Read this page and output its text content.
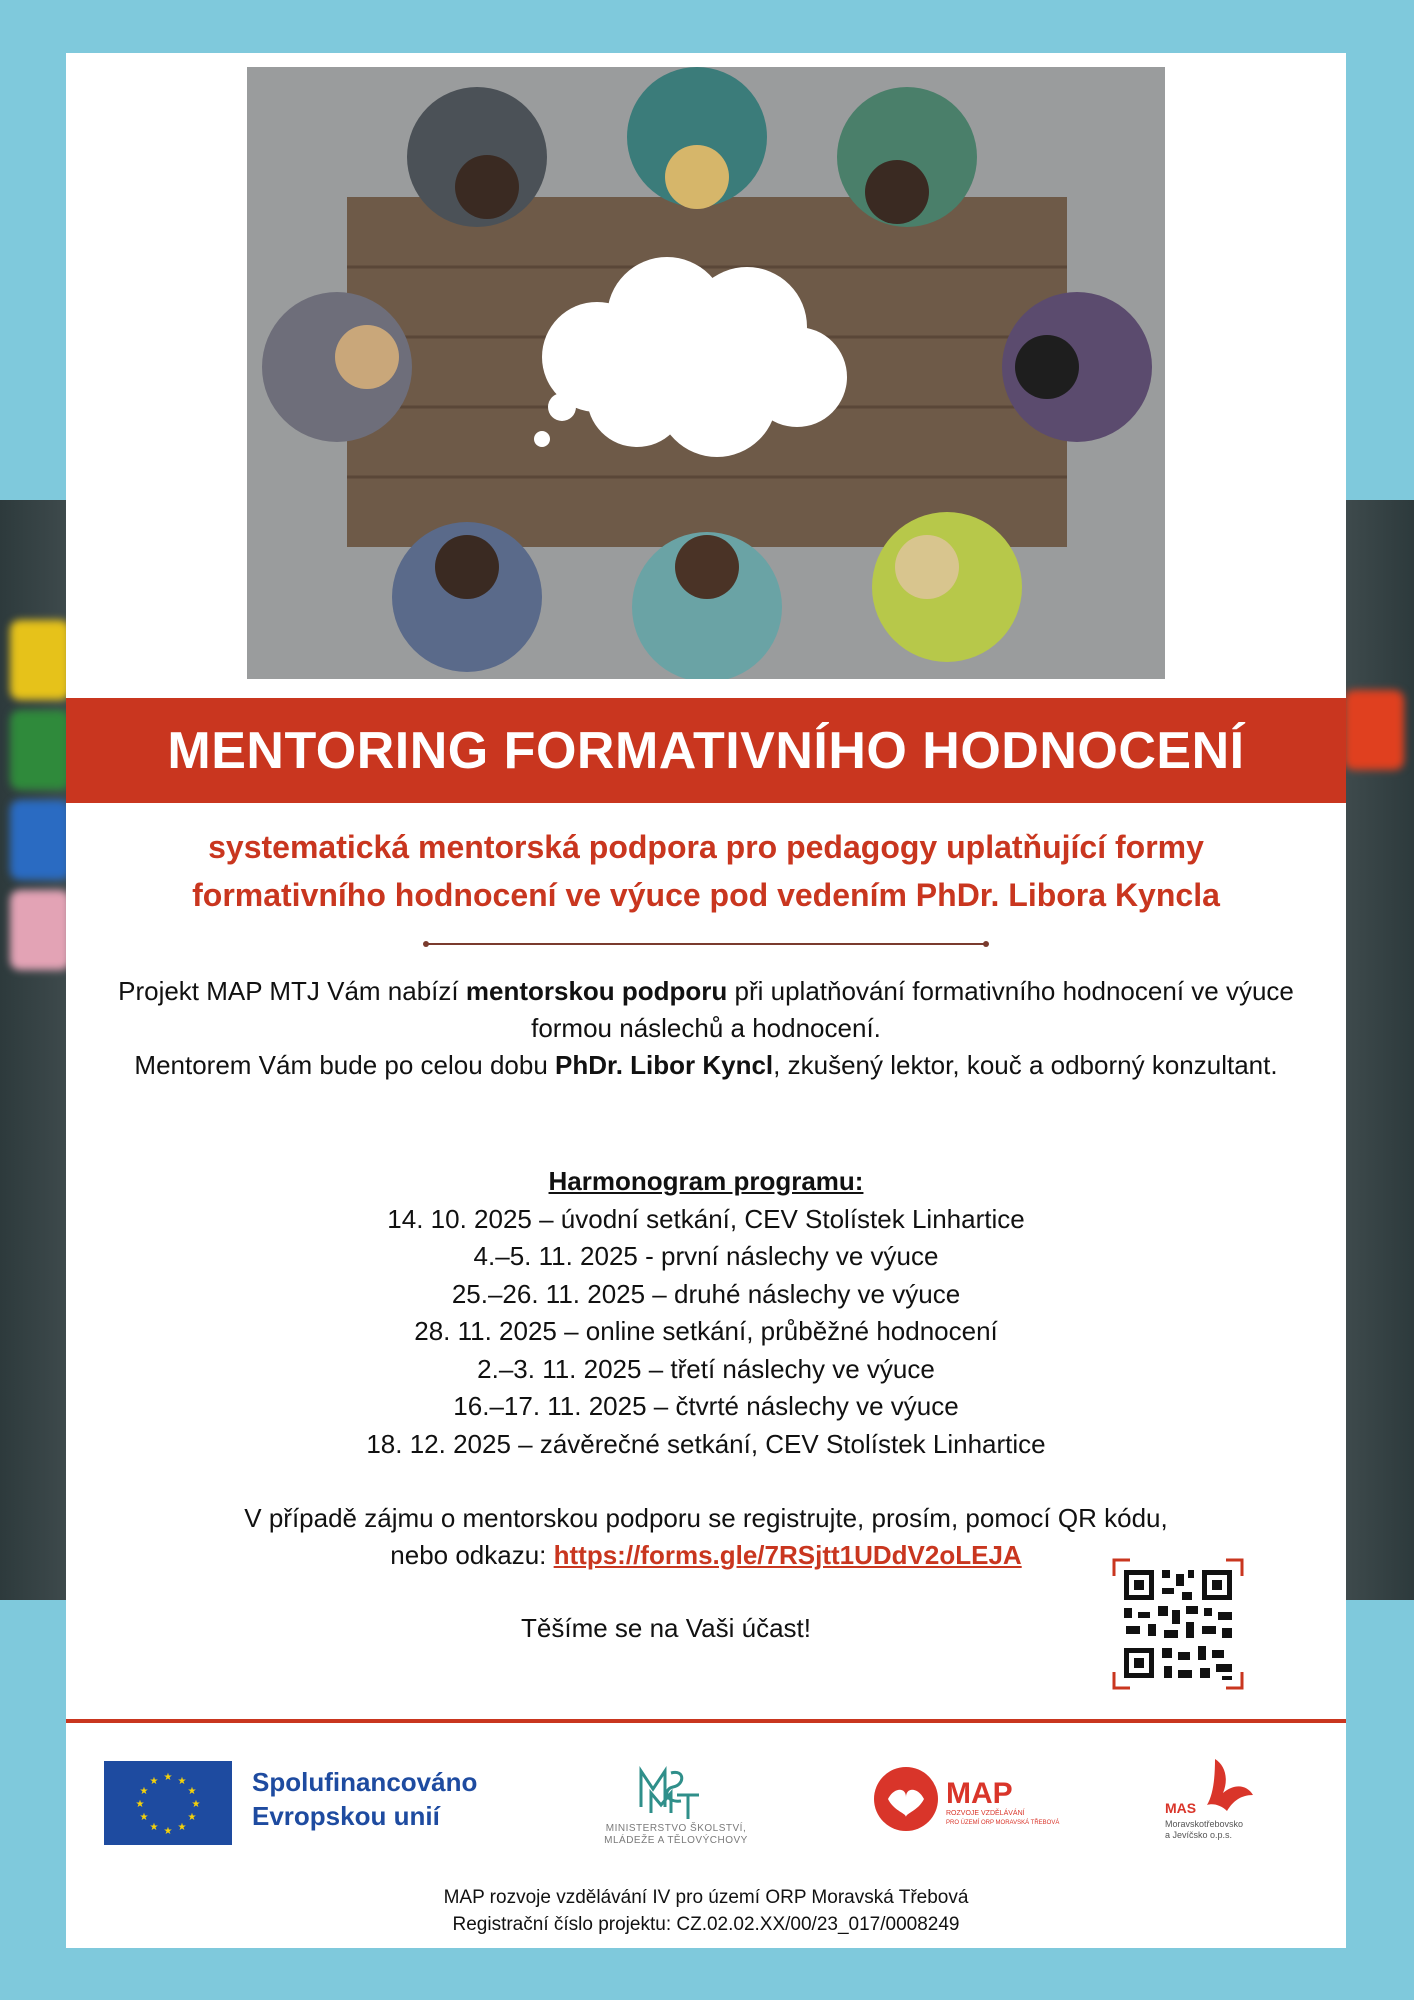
MENTORING FORMATIVNÍHO HODNOCENÍ
systematická mentorská podpora pro pedagogy uplatňující formy
formativního hodnocení ve výuce pod vedením PhDr. Libora Kyncla
Projekt MAP MTJ Vám nabízí mentorskou podporu při uplatňování formativního hodnocení ve výuce formou náslechů a hodnocení.
Mentorem Vám bude po celou dobu PhDr. Libor Kyncl, zkušený lektor, kouč a odborný konzultant.
Harmonogram programu:
14. 10. 2025 – úvodní setkání, CEV Stolístek Linhartice
4.–5. 11. 2025 - první náslechy ve výuce
25.–26. 11. 2025 – druhé náslechy ve výuce
28. 11. 2025 – online setkání, průběžné hodnocení
2.–3. 11. 2025 – třetí náslechy ve výuce
16.–17. 11. 2025 – čtvrté náslechy ve výuce
18. 12. 2025 – závěrečné setkání, CEV Stolístek Linhartice
V případě zájmu o mentorskou podporu se registrujte, prosím, pomocí QR kódu,
nebo odkazu: https://forms.gle/7RSjtt1UDdV2oLEJA
Těšíme se na Vaši účast!
★ ★
★
★
★
★
★
★
★
★
★
★	Spolufinancováno
Evropskou unií	MINISTERSTVO ŠKOLSTVÍ,
MLÁDEŽE A TĚLOVÝCHOVY
MAP
ROZVOJE VZDĚLÁVÁNÍ
PRO ÚZEMÍ ORP MORAVSKÁ TŘEBOVÁ
MAS
Moravskotřebovsko
a Jevíčsko o.p.s.
MAP rozvoje vzdělávání IV pro území ORP Moravská Třebová
Registrační číslo projektu: CZ.02.02.XX/00/23_017/0008249
